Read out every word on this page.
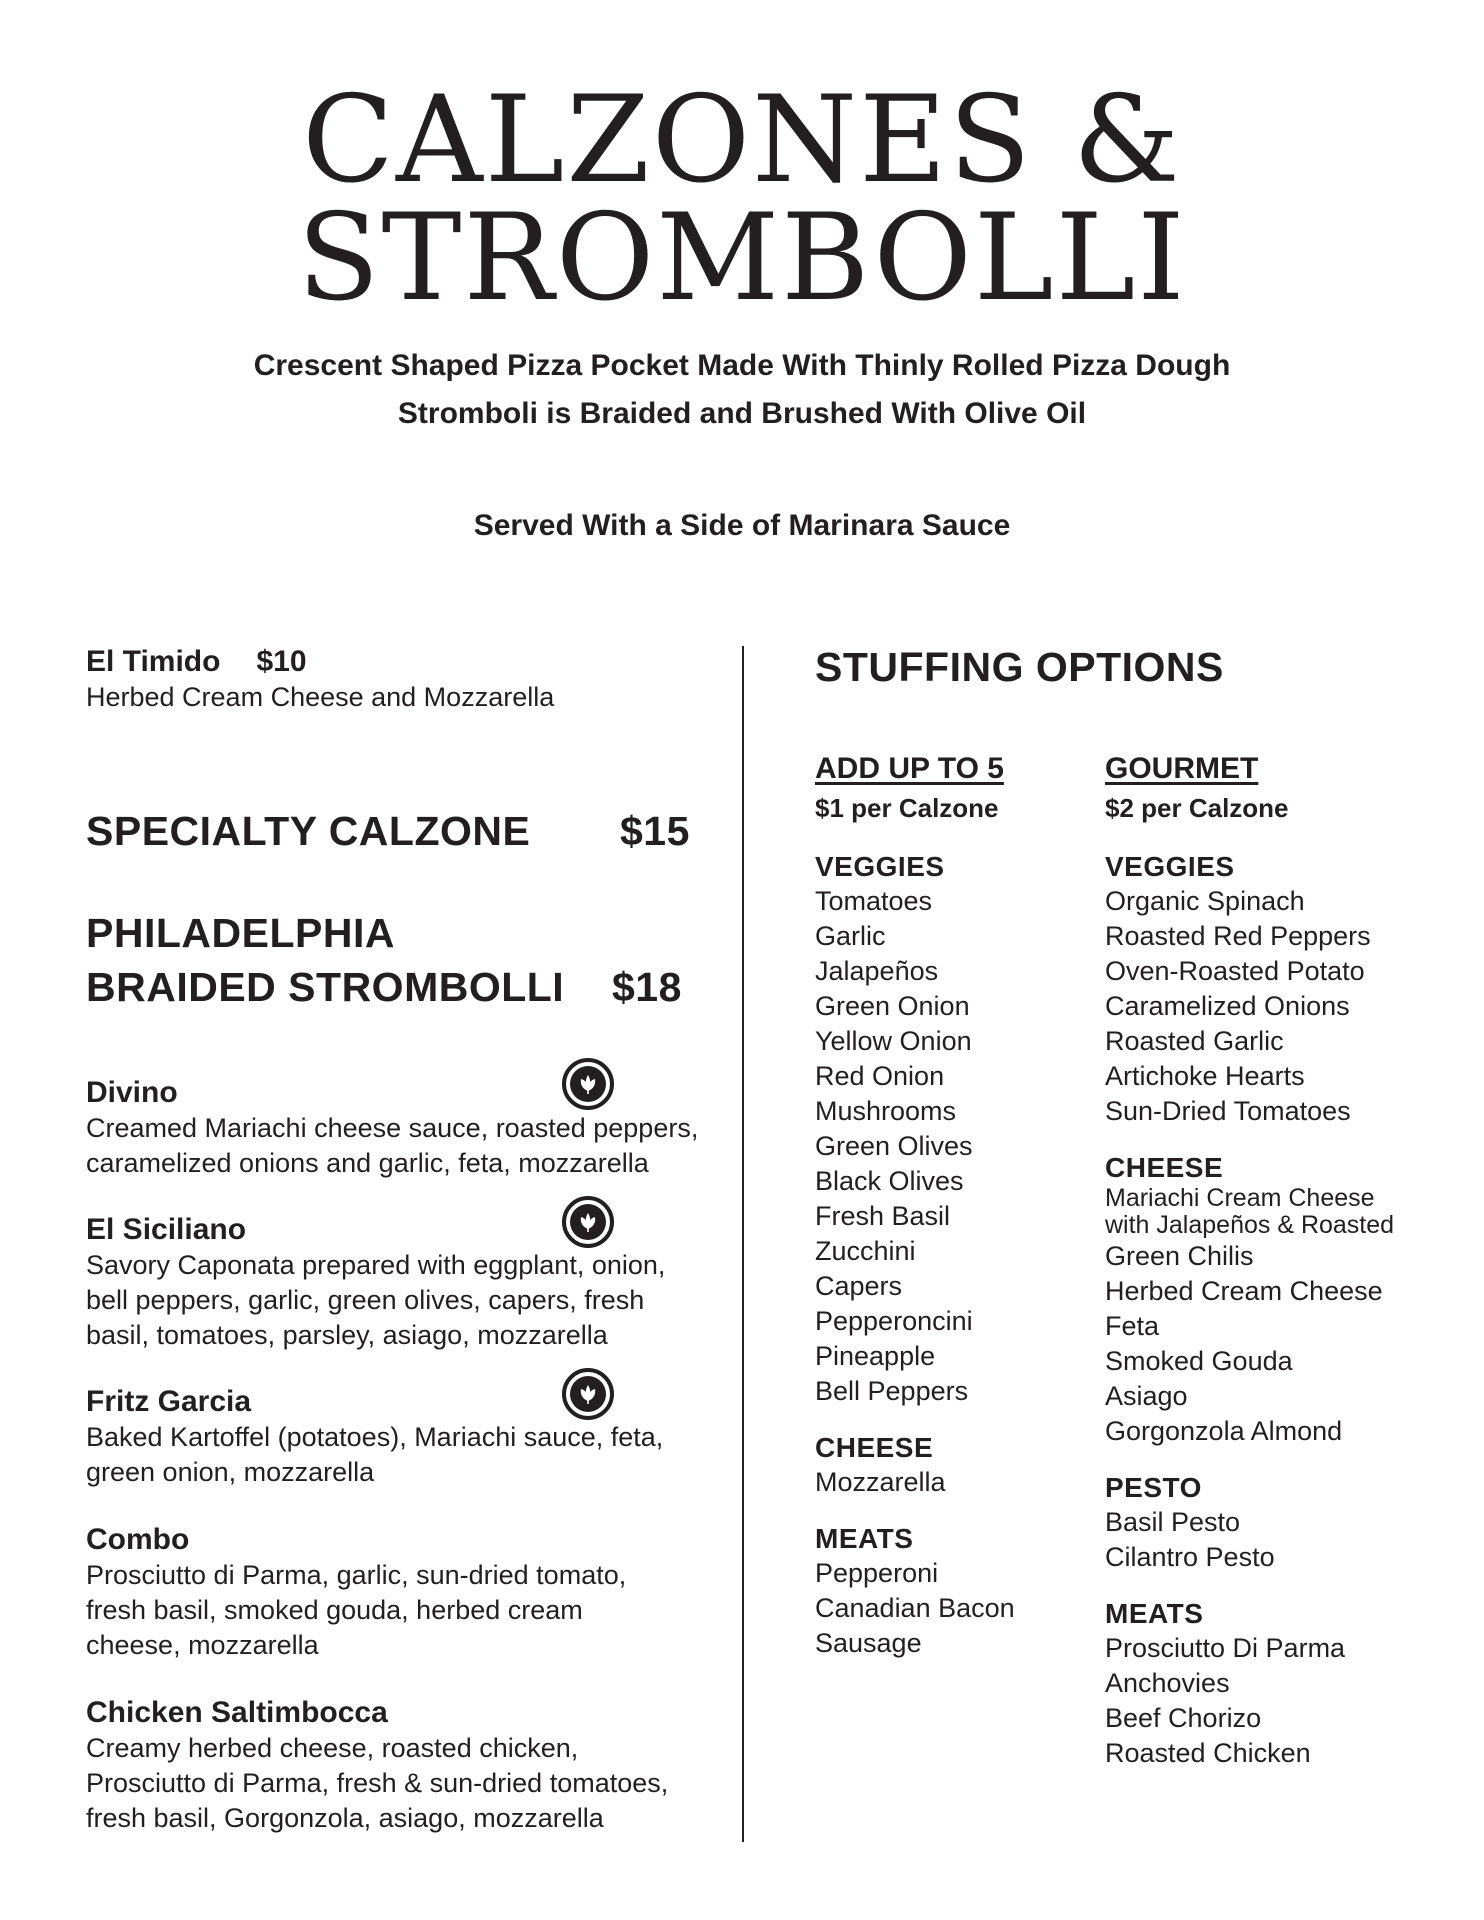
CALZONES &
STROMBOLLI
Crescent Shaped Pizza Pocket Made With Thinly Rolled Pizza Dough
Stromboli is Braided and Brushed With Olive Oil
Served With a Side of Marinara Sauce
El Timido $10
Herbed Cream Cheese and Mozzarella
SPECIALTY CALZONE $15
PHILADELPHIA
BRAIDED STROMBOLLI	$18
Divino
Creamed Mariachi cheese sauce, roasted peppers,
caramelized onions and garlic, feta, mozzarella
El Siciliano
Savory Caponata prepared with eggplant, onion,
bell peppers, garlic, green olives, capers, fresh
basil, tomatoes, parsley, asiago, mozzarella
Fritz Garcia
Baked Kartoffel (potatoes), Mariachi sauce, feta,
green onion, mozzarella
Combo
Prosciutto di Parma, garlic, sun-dried tomato,
fresh basil, smoked gouda, herbed cream
cheese, mozzarella
Chicken Saltimbocca
Creamy herbed cheese, roasted chicken,
Prosciutto di Parma, fresh & sun-dried tomatoes,
fresh basil, Gorgonzola, asiago, mozzarella
STUFFING OPTIONS
ADD UP TO 5
$1 per Calzone
VEGGIES
Tomatoes
Garlic
Jalapeños
Green Onion
Yellow Onion
Red Onion
Mushrooms
Green Olives
Black Olives
Fresh Basil
Zucchini
Capers
Pepperoncini
Pineapple
Bell Peppers
CHEESE
Mozzarella
MEATS
Pepperoni
Canadian Bacon
Sausage
GOURMET
$2 per Calzone
VEGGIES
Organic Spinach
Roasted Red Peppers
Oven-Roasted Potato
Caramelized Onions
Roasted Garlic
Artichoke Hearts
Sun-Dried Tomatoes
CHEESE
Mariachi Cream Cheese
with Jalapeños & Roasted
Green Chilis
Herbed Cream Cheese
Feta
Smoked Gouda
Asiago
Gorgonzola Almond
PESTO
Basil Pesto
Cilantro Pesto
MEATS
Prosciutto Di Parma
Anchovies
Beef Chorizo
Roasted Chicken
